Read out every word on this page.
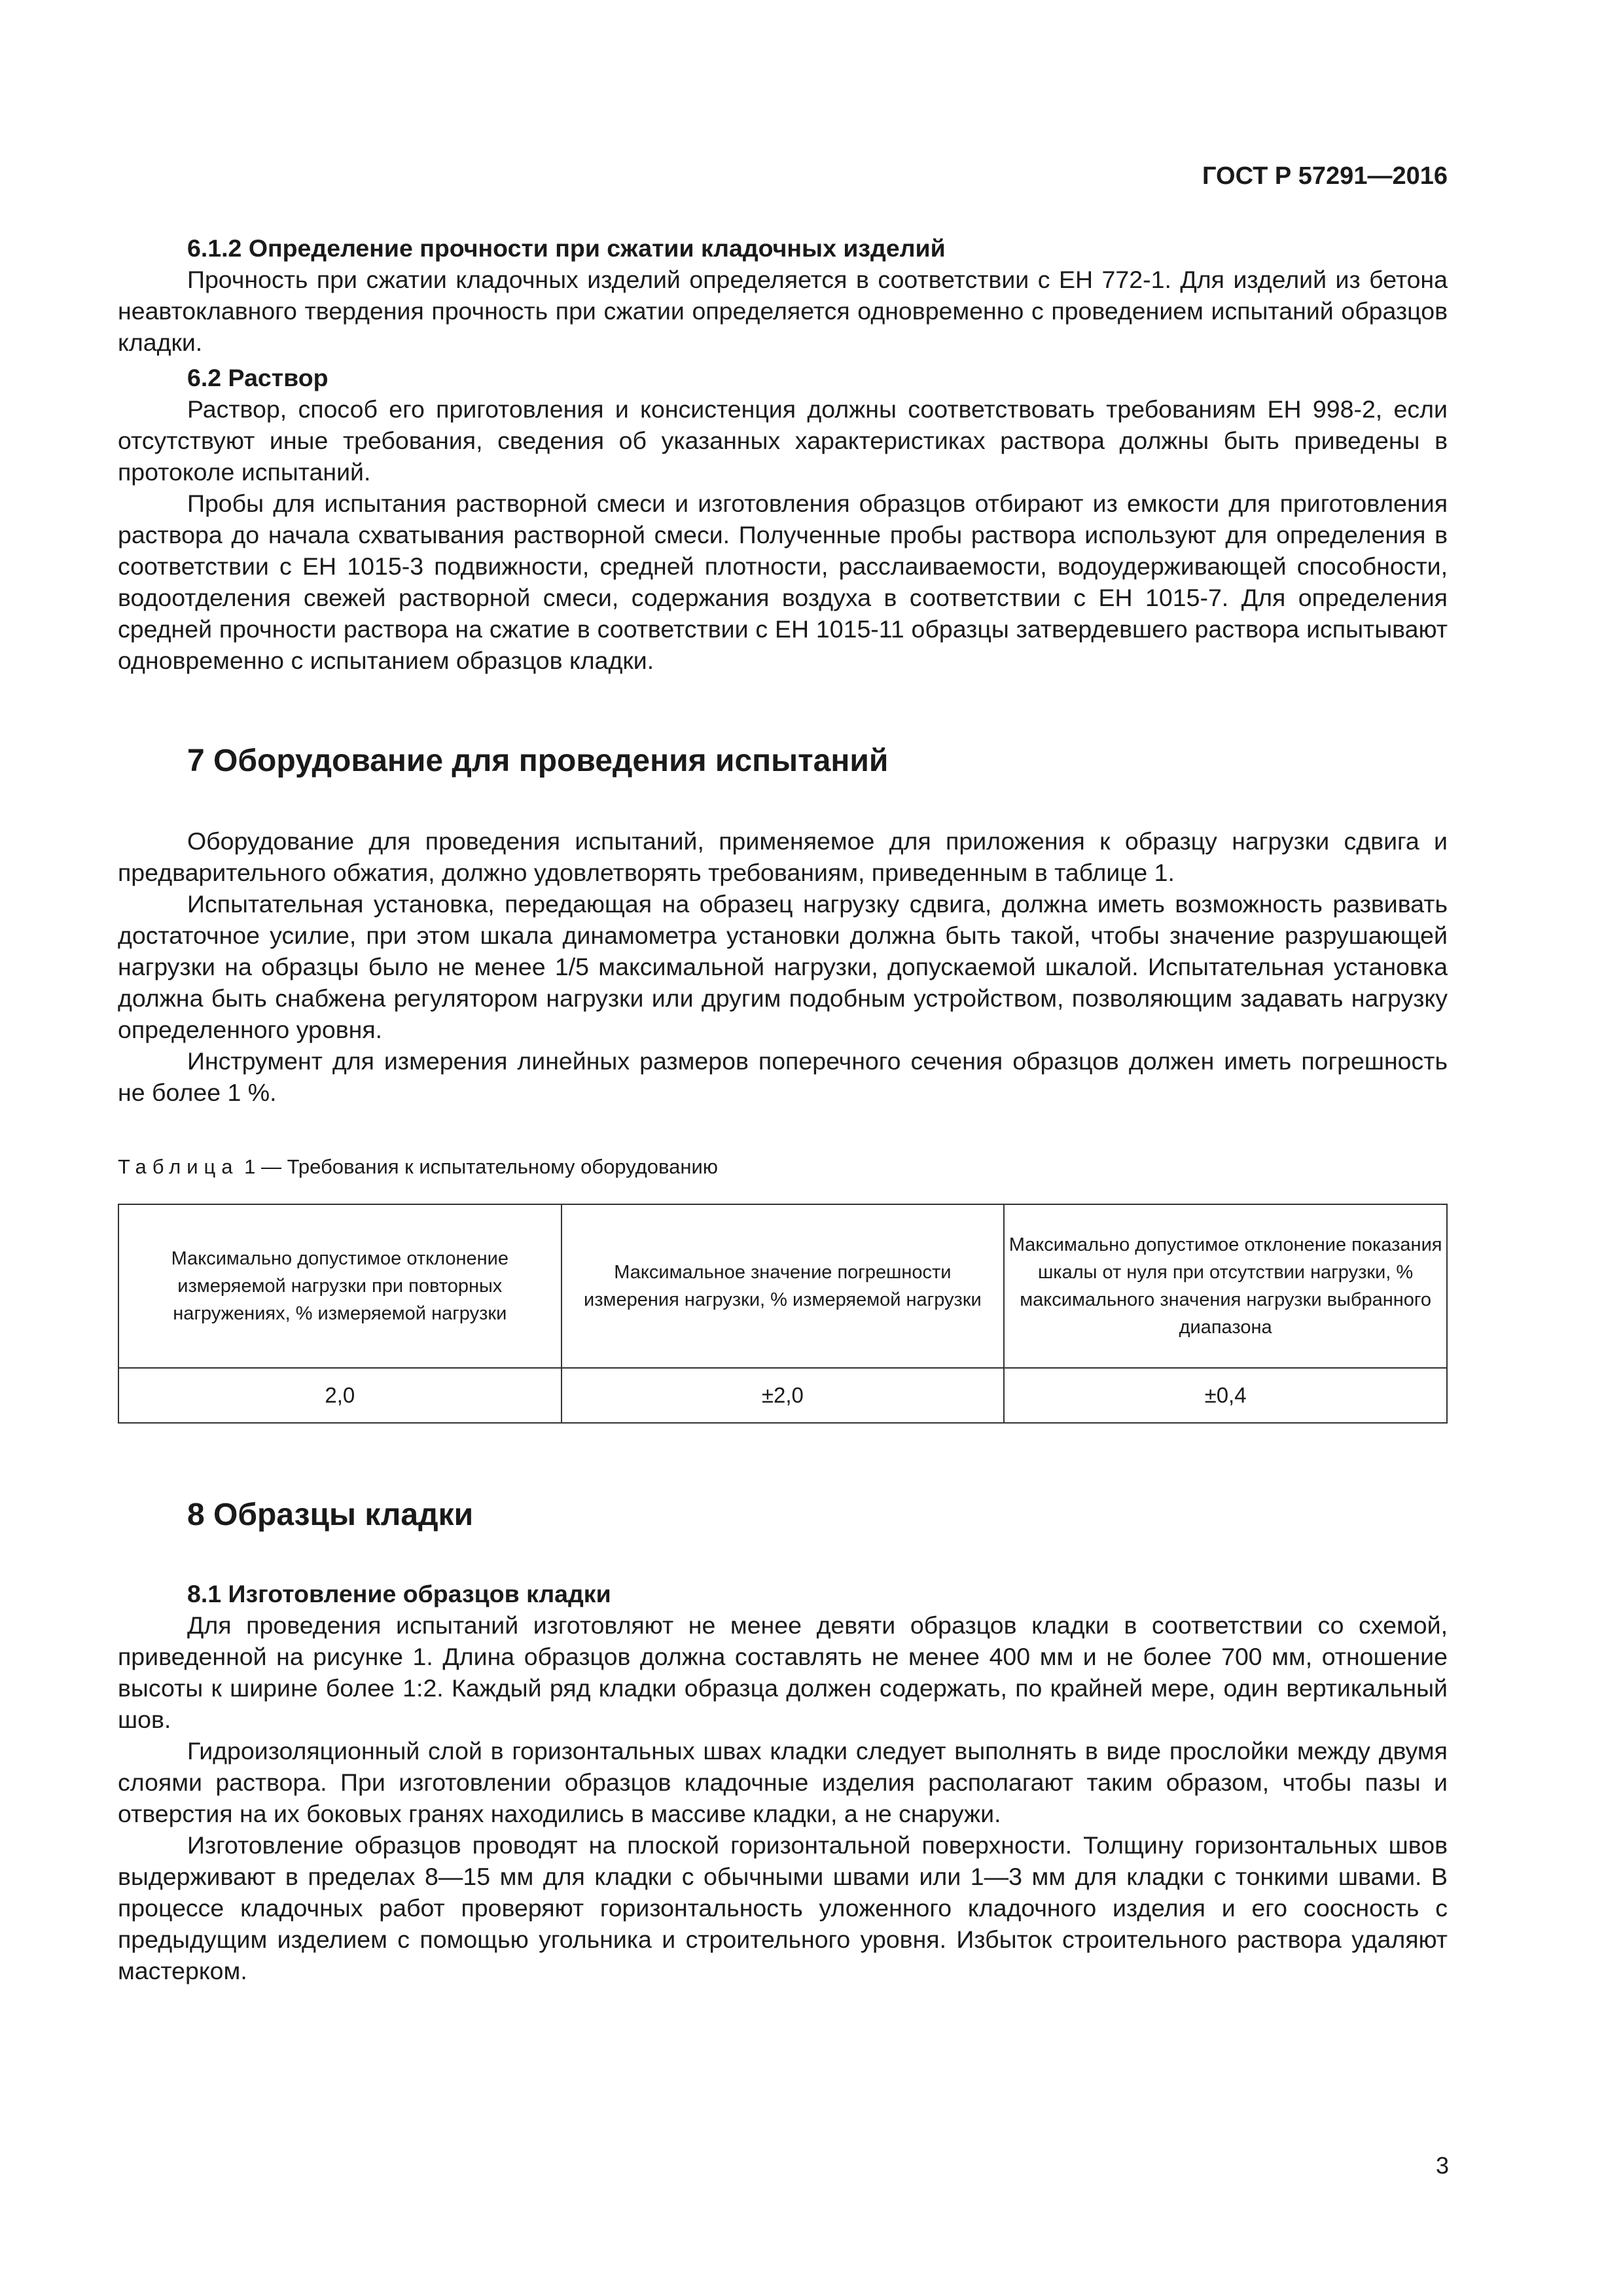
ГОСТ Р 57291—2016
6.1.2 Определение прочности при сжатии кладочных изделий

Прочность при сжатии кладочных изделий определяется в соответствии с ЕН 772-1. Для изделий из бетона неавтоклавного твердения прочность при сжатии определяется одновременно с проведением испытаний образцов кладки.

6.2 Раствор

Раствор, способ его приготовления и консистенция должны соответствовать требованиям ЕН 998-2, если отсутствуют иные требования, сведения об указанных характеристиках раствора должны быть приведены в протоколе испытаний.

Пробы для испытания растворной смеси и изготовления образцов отбирают из емкости для приготовления раствора до начала схватывания растворной смеси. Полученные пробы раствора используют для определения в соответствии с ЕН 1015-3 подвижности, средней плотности, расслаиваемости, водоудерживающей способности, водоотделения свежей растворной смеси, содержания воздуха в соответствии с ЕН 1015-7. Для определения средней прочности раствора на сжатие в соответствии с ЕН 1015-11 образцы затвердевшего раствора испытывают одновременно с испытанием образцов кладки.

7 Оборудование для проведения испытаний

Оборудование для проведения испытаний, применяемое для приложения к образцу нагрузки сдвига и предварительного обжатия, должно удовлетворять требованиям, приведенным в таблице 1.

Испытательная установка, передающая на образец нагрузку сдвига, должна иметь возможность развивать достаточное усилие, при этом шкала динамометра установки должна быть такой, чтобы значение разрушающей нагрузки на образцы было не менее 1/5 максимальной нагрузки, допускаемой шкалой. Испытательная установка должна быть снабжена регулятором нагрузки или другим подобным устройством, позволяющим задавать нагрузку определенного уровня.

Инструмент для измерения линейных размеров поперечного сечения образцов должен иметь погрешность не более 1 %.

Таблица 1 — Требования к испытательному оборудованию
Максимально допустимое отклонение измеряемой нагрузки при повторных нагружениях, % измеряемой нагрузки	Максимальное значение погрешности измерения нагрузки, % измеряемой нагрузки	Максимально допустимое отклонение показания шкалы от нуля при отсутствии нагрузки, % максимального значения нагрузки выбранного диапазона
2,0	±2,0	±0,4
8 Образцы кладки
8.1 Изготовление образцов кладки

Для проведения испытаний изготовляют не менее девяти образцов кладки в соответствии со схемой, приведенной на рисунке 1. Длина образцов должна составлять не менее 400 мм и не более 700 мм, отношение высоты к ширине более 1:2. Каждый ряд кладки образца должен содержать, по крайней мере, один вертикальный шов.

Гидроизоляционный слой в горизонтальных швах кладки следует выполнять в виде прослойки между двумя слоями раствора. При изготовлении образцов кладочные изделия располагают таким образом, чтобы пазы и отверстия на их боковых гранях находились в массиве кладки, а не снаружи.

Изготовление образцов проводят на плоской горизонтальной поверхности. Толщину горизонтальных швов выдерживают в пределах 8—15 мм для кладки с обычными швами или 1—3 мм для кладки с тонкими швами. В процессе кладочных работ проверяют горизонтальность уложенного кладочного изделия и его соосность с предыдущим изделием с помощью угольника и строительного уровня. Избыток строительного раствора удаляют мастерком.

3
